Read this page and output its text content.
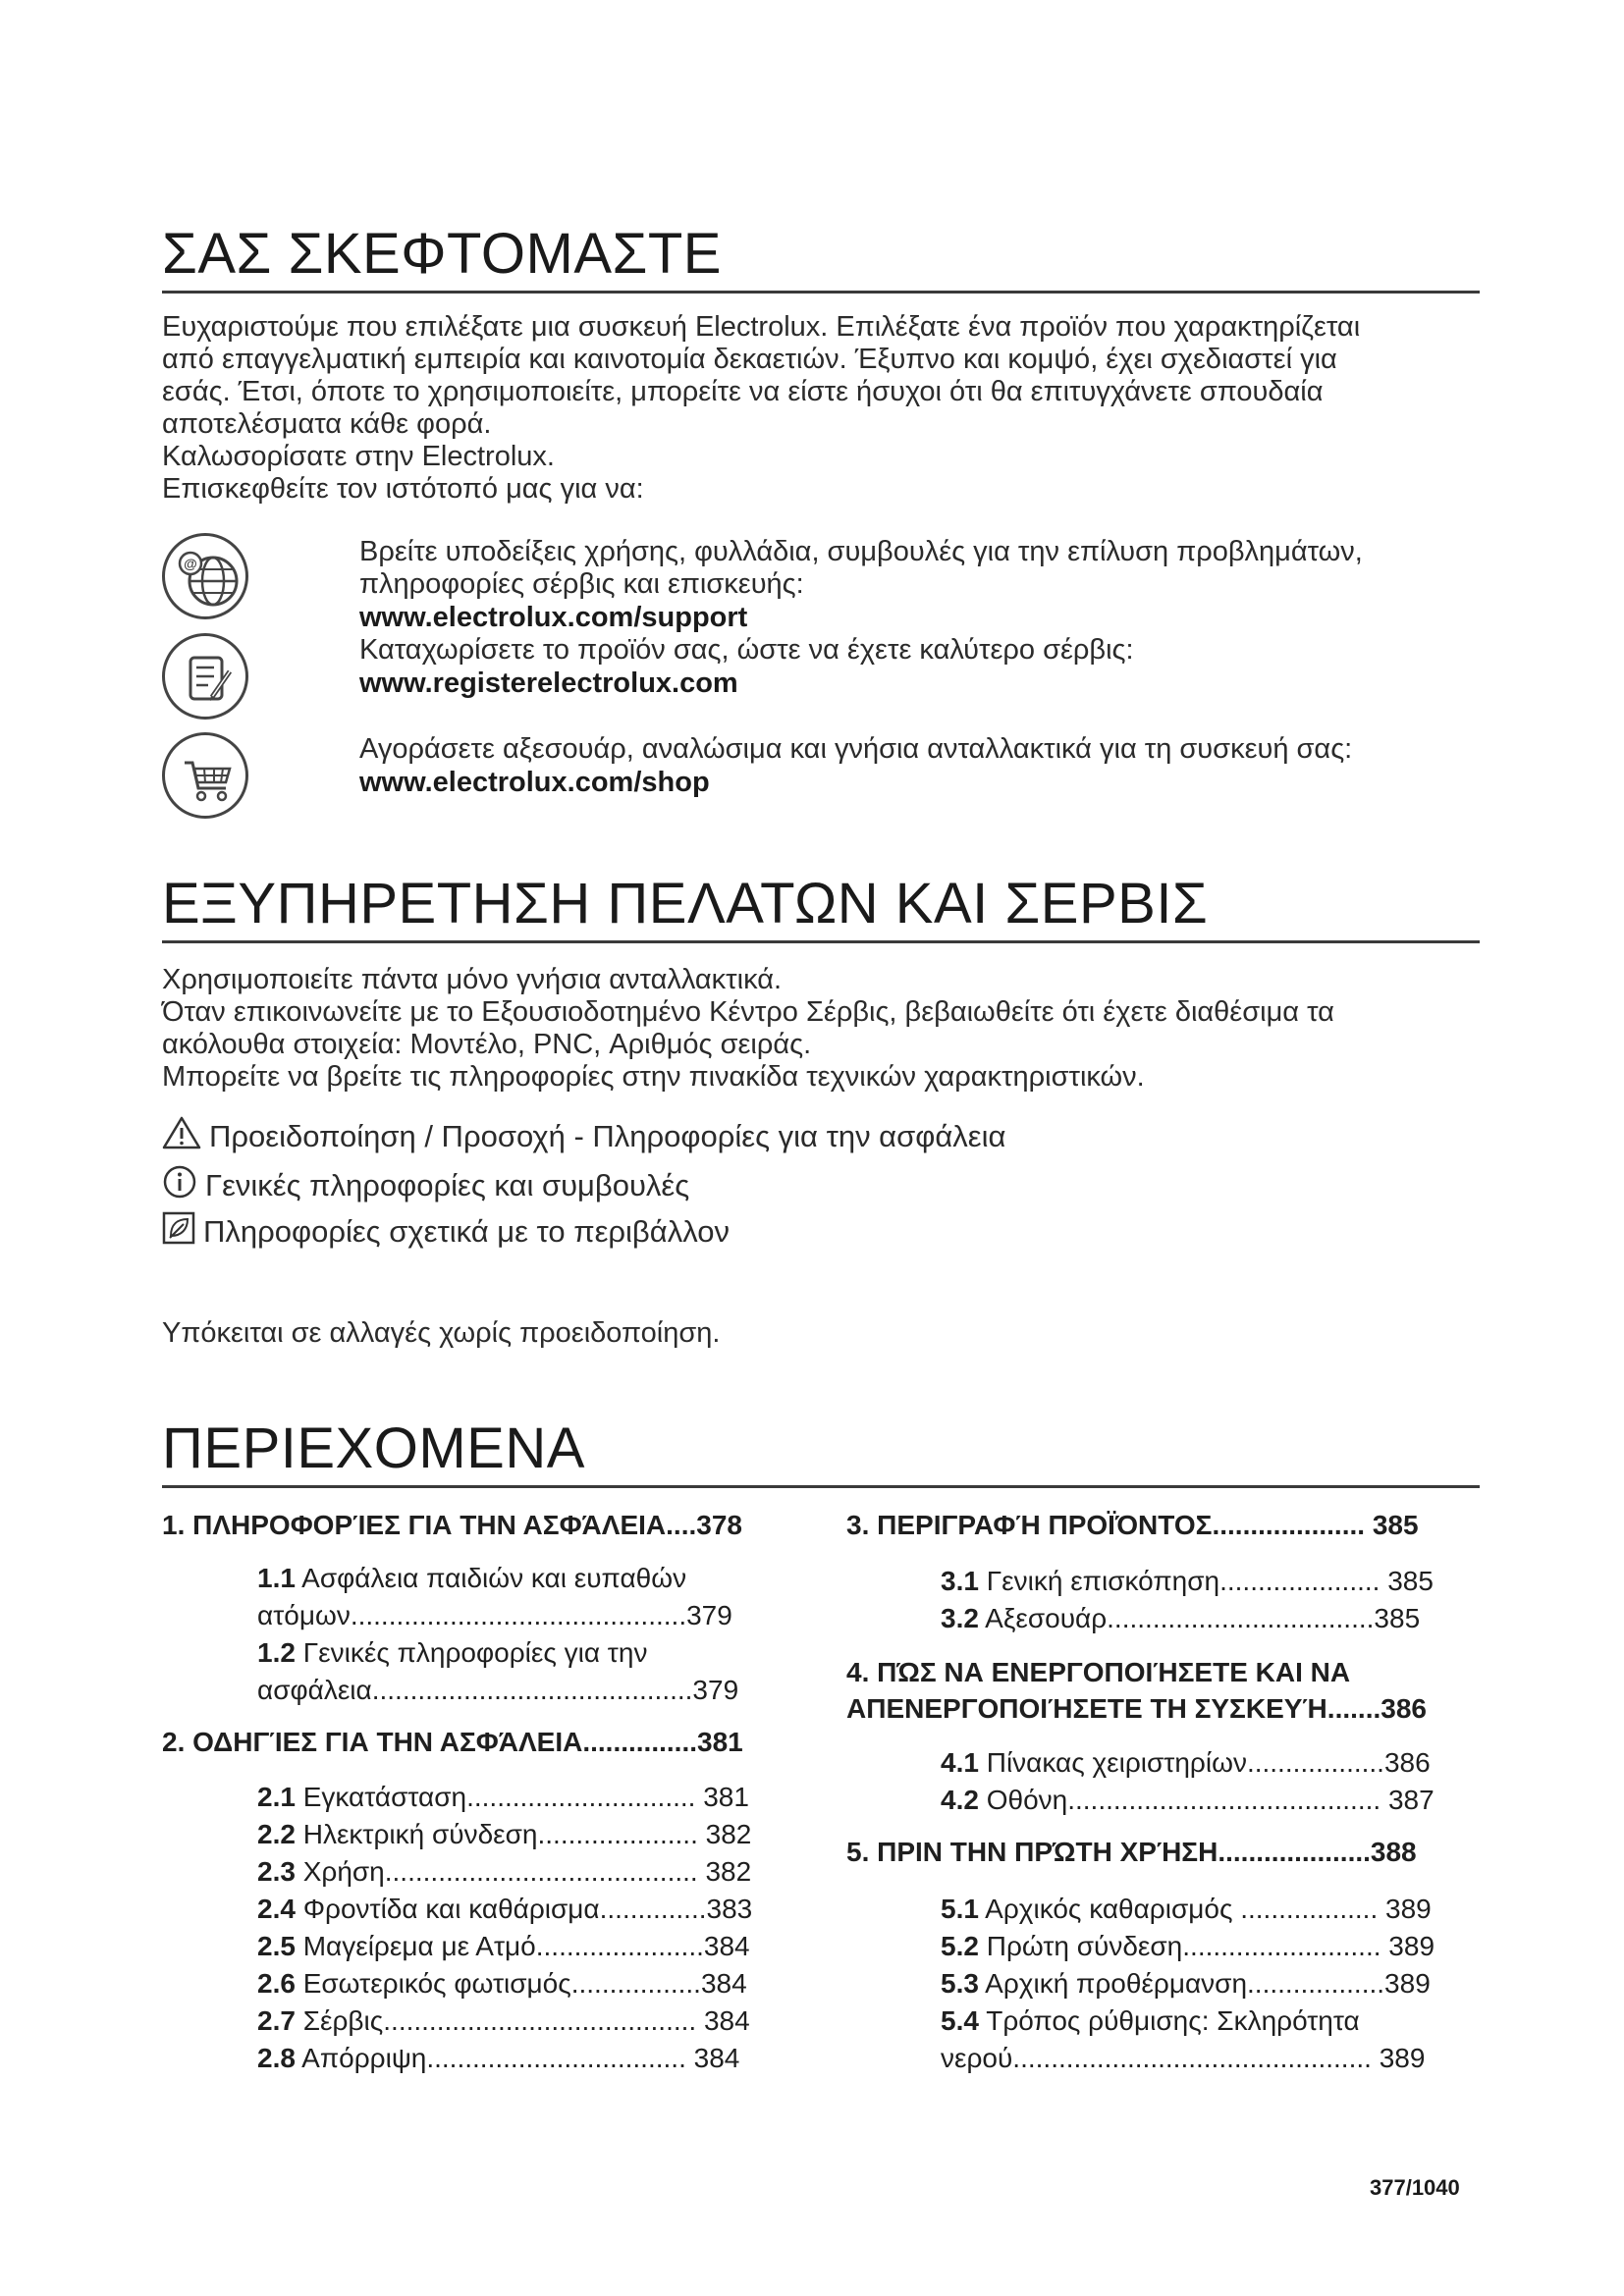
ΣΑΣ ΣΚΕΦΤΟΜΑΣΤΕ
Ευχαριστούμε που επιλέξατε μια συσκευή Electrolux. Επιλέξατε ένα προϊόν που χαρακτηρίζεται
από επαγγελματική εμπειρία και καινοτομία δεκαετιών. Έξυπνο και κομψό, έχει σχεδιαστεί για
εσάς. Έτσι, όποτε το χρησιμοποιείτε, μπορείτε να είστε ήσυχοι ότι θα επιτυγχάνετε σπουδαία
αποτελέσματα κάθε φορά.
Καλωσορίσατε στην Electrolux.
Επισκεφθείτε τον ιστότοπό μας για να:
@	Βρείτε υποδείξεις χρήσης, φυλλάδια, συμβουλές για την επίλυση προβλημάτων,
πληροφορίες σέρβις και επισκευής:
www.electrolux.com/support
Καταχωρίσετε το προϊόν σας, ώστε να έχετε καλύτερο σέρβις:
www.registerelectrolux.com
Αγοράσετε αξεσουάρ, αναλώσιμα και γνήσια ανταλλακτικά για τη συσκευή σας:
www.electrolux.com/shop
ΕΞΥΠΗΡΕΤΗΣΗ ΠΕΛΑΤΩΝ ΚΑΙ ΣΕΡΒΙΣ
Χρησιμοποιείτε πάντα μόνο γνήσια ανταλλακτικά.
Όταν επικοινωνείτε με το Εξουσιοδοτημένο Κέντρο Σέρβις, βεβαιωθείτε ότι έχετε διαθέσιμα τα
ακόλουθα στοιχεία: Μοντέλο, PNC, Αριθμός σειράς.
Μπορείτε να βρείτε τις πληροφορίες στην πινακίδα τεχνικών χαρακτηριστικών.
Προειδοποίηση / Προσοχή - Πληροφορίες για την ασφάλεια
Γενικές πληροφορίες και συμβουλές
Πληροφορίες σχετικά με το περιβάλλον
Υπόκειται σε αλλαγές χωρίς προειδοποίηση.
ΠΕΡΙΕΧΟΜΕΝΑ
1. ΠΛΗΡΟΦΟΡΊΕΣ ΓΙΑ ΤΗΝ ΑΣΦΆΛΕΙΑ....378
1.1 Ασφάλεια παιδιών και ευπαθών
ατόμων............................................379
1.2 Γενικές πληροφορίες για την
ασφάλεια..........................................379
2. ΟΔΗΓΊΕΣ ΓΙΑ ΤΗΝ ΑΣΦΆΛΕΙΑ...............381
2.1 Εγκατάσταση.............................. 381
2.2 Ηλεκτρική σύνδεση..................... 382
2.3 Χρήση......................................... 382
2.4 Φροντίδα και καθάρισμα..............383
2.5 Μαγείρεμα με Ατμό......................384
2.6 Εσωτερικός φωτισμός.................384
2.7 Σέρβις......................................... 384
2.8 Απόρριψη.................................. 384
3. ΠΕΡΙΓΡΑΦΉ ΠΡΟΪΌΝΤΟΣ.................... 385
3.1 Γενική επισκόπηση..................... 385
3.2 Αξεσουάρ...................................385
4. ΠΏΣ ΝΑ ΕΝΕΡΓΟΠΟΙΉΣΕΤΕ ΚΑΙ ΝΑ
ΑΠΕΝΕΡΓΟΠΟΙΉΣΕΤΕ ΤΗ ΣΥΣΚΕΥΉ.......386
4.1 Πίνακας χειριστηρίων..................386
4.2 Οθόνη......................................... 387
5. ΠΡΙΝ ΤΗΝ ΠΡΏΤΗ ΧΡΉΣΗ....................388
5.1 Αρχικός καθαρισμός .................. 389
5.2 Πρώτη σύνδεση.......................... 389
5.3 Αρχική προθέρμανση..................389
5.4 Τρόπος ρύθμισης: Σκληρότητα
νερού............................................... 389
377/1040
